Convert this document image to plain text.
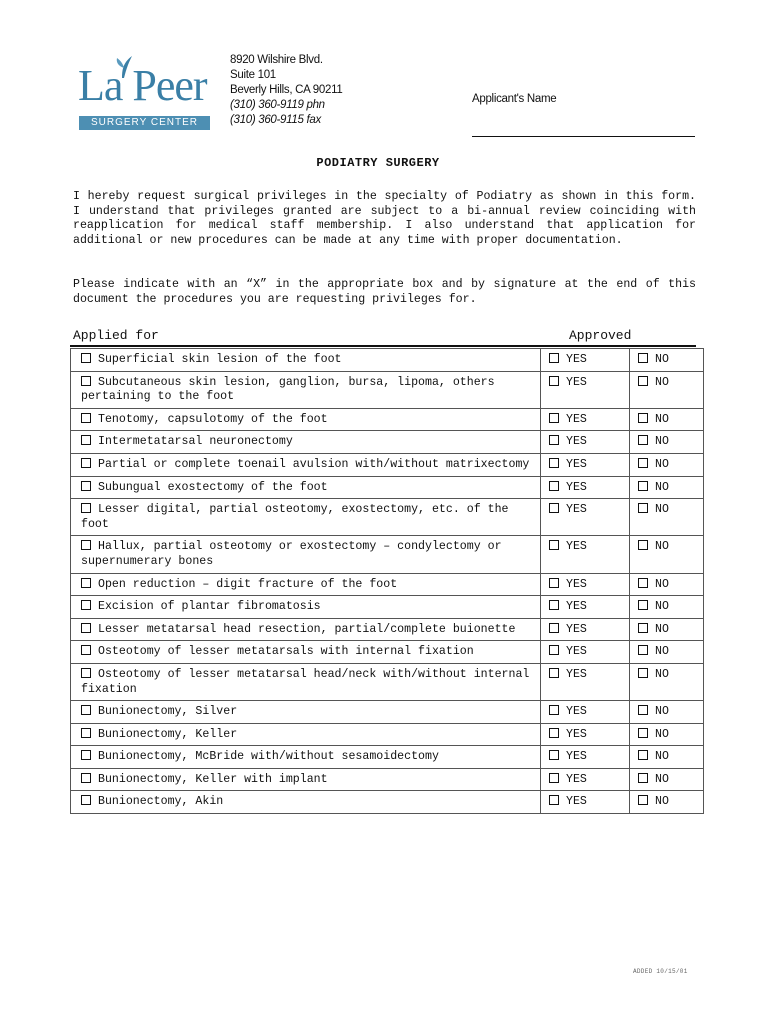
La Peer
SURGERY CENTER
8920 Wilshire Blvd.
Suite 101
Beverly Hills, CA 90211
(310) 360-9119 phn
(310) 360-9115 fax
Applicant's Name
PODIATRY SURGERY
I hereby request surgical privileges in the specialty of Podiatry as shown in this form. I understand that privileges granted are subject to a bi-annual review coinciding with reapplication for medical staff membership. I also understand that application for additional or new procedures can be made at any time with proper documentation.
Please indicate with an “X” in the appropriate box and by signature at the end of this document the procedures you are requesting privileges for.
Applied for	Approved
Superficial skin lesion of the foot	YES	NO
Subcutaneous skin lesion, ganglion, bursa, lipoma, others pertaining to the foot	YES	NO
Tenotomy, capsulotomy of the foot	YES	NO
Intermetatarsal neuronectomy	YES	NO
Partial or complete toenail avulsion with/without matrixectomy	YES	NO
Subungual exostectomy of the foot	YES	NO
Lesser digital, partial osteotomy, exostectomy, etc. of the foot	YES	NO
Hallux, partial osteotomy or exostectomy – condylectomy or supernumerary bones	YES	NO
Open reduction – digit fracture of the foot	YES	NO
Excision of plantar fibromatosis	YES	NO
Lesser metatarsal head resection, partial/complete buionette	YES	NO
Osteotomy of lesser metatarsals with internal fixation	YES	NO
Osteotomy of lesser metatarsal head/neck with/without internal fixation	YES	NO
Bunionectomy, Silver	YES	NO
Bunionectomy, Keller	YES	NO
Bunionectomy, McBride with/without sesamoidectomy	YES	NO
Bunionectomy, Keller with implant	YES	NO
Bunionectomy, Akin	YES	NO
ADDED 10/15/01
